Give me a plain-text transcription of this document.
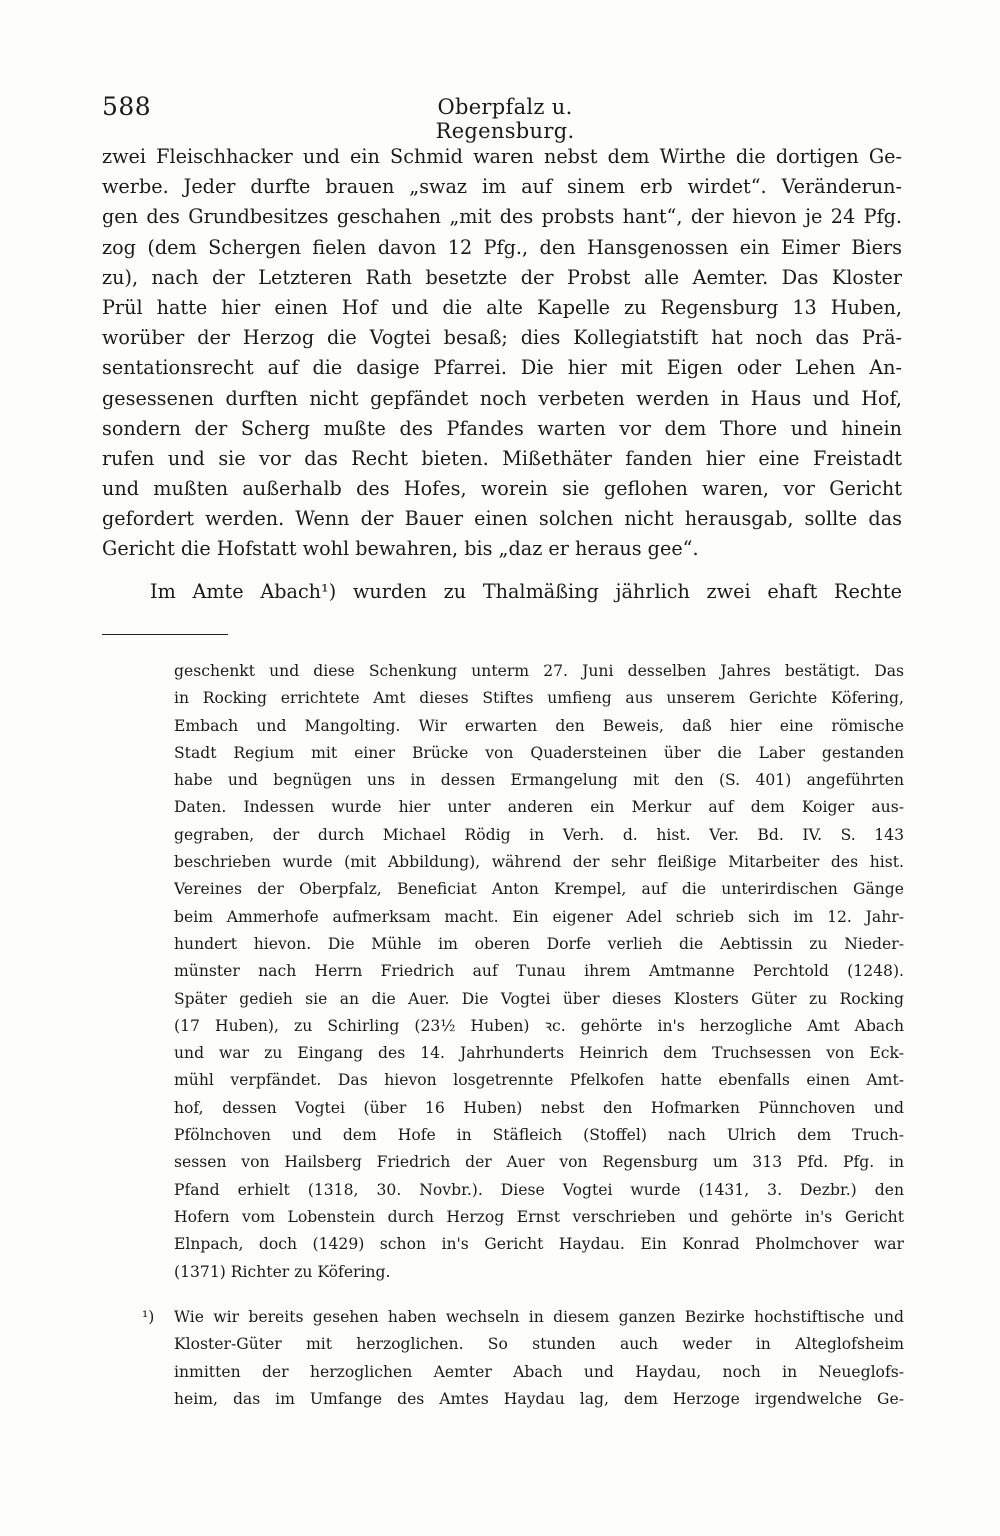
588	Oberpfalz u. Regensburg.
zwei Fleischhacker und ein Schmid waren nebst dem Wirthe die dortigen Ge-
werbe. Jeder durfte brauen „swaz im auf sinem erb wirdet“. Veränderun-
gen des Grundbesitzes geschahen „mit des probsts hant“, der hievon je 24 Pfg.
zog (dem Schergen fielen davon 12 Pfg., den Hansgenossen ein Eimer Biers
zu), nach der Letzteren Rath besetzte der Probst alle Aemter. Das Kloster
Prül hatte hier einen Hof und die alte Kapelle zu Regensburg 13 Huben,
worüber der Herzog die Vogtei besaß; dies Kollegiatstift hat noch das Prä-
sentationsrecht auf die dasige Pfarrei. Die hier mit Eigen oder Lehen An-
gesessenen durften nicht gepfändet noch verbeten werden in Haus und Hof,
sondern der Scherg mußte des Pfandes warten vor dem Thore und hinein
rufen und sie vor das Recht bieten. Mißethäter fanden hier eine Freistadt
und mußten außerhalb des Hofes, worein sie geflohen waren, vor Gericht
gefordert werden. Wenn der Bauer einen solchen nicht herausgab, sollte das
Gericht die Hofstatt wohl bewahren, bis „daz er heraus gee“.
Im Amte Abach¹) wurden zu Thalmäßing jährlich zwei ehaft Rechte
geschenkt und diese Schenkung unterm 27. Juni desselben Jahres bestätigt. Das
in Rocking errichtete Amt dieses Stiftes umfieng aus unserem Gerichte Köfering,
Embach und Mangolting. Wir erwarten den Beweis, daß hier eine römische
Stadt Regium mit einer Brücke von Quadersteinen über die Laber gestanden
habe und begnügen uns in dessen Ermangelung mit den (S. 401) angeführten
Daten. Indessen wurde hier unter anderen ein Merkur auf dem Koiger aus-
gegraben, der durch Michael Rödig in Verh. d. hist. Ver. Bd. IV. S. 143
beschrieben wurde (mit Abbildung), während der sehr fleißige Mitarbeiter des hist.
Vereines der Oberpfalz, Beneficiat Anton Krempel, auf die unterirdischen Gänge
beim Ammerhofe aufmerksam macht. Ein eigener Adel schrieb sich im 12. Jahr-
hundert hievon. Die Mühle im oberen Dorfe verlieh die Aebtissin zu Nieder-
münster nach Herrn Friedrich auf Tunau ihrem Amtmanne Perchtold (1248).
Später gedieh sie an die Auer. Die Vogtei über dieses Klosters Güter zu Rocking
(17 Huben), zu Schirling (23½ Huben) ꝛc. gehörte in's herzogliche Amt Abach
und war zu Eingang des 14. Jahrhunderts Heinrich dem Truchsessen von Eck-
mühl verpfändet. Das hievon losgetrennte Pfelkofen hatte ebenfalls einen Amt-
hof, dessen Vogtei (über 16 Huben) nebst den Hofmarken Pünnchoven und
Pfölnchoven und dem Hofe in Stäfleich (Stoffel) nach Ulrich dem Truch-
sessen von Hailsberg Friedrich der Auer von Regensburg um 313 Pfd. Pfg. in
Pfand erhielt (1318, 30. Novbr.). Diese Vogtei wurde (1431, 3. Dezbr.) den
Hofern vom Lobenstein durch Herzog Ernst verschrieben und gehörte in's Gericht
Elnpach, doch (1429) schon in's Gericht Haydau. Ein Konrad Pholmchover war
(1371) Richter zu Köfering.
¹) Wie wir bereits gesehen haben wechseln in diesem ganzen Bezirke hochstiftische und
Kloster-Güter mit herzoglichen. So stunden auch weder in Alteglofsheim
inmitten der herzoglichen Aemter Abach und Haydau, noch in Neueglofs-
heim, das im Umfange des Amtes Haydau lag, dem Herzoge irgendwelche Ge-
